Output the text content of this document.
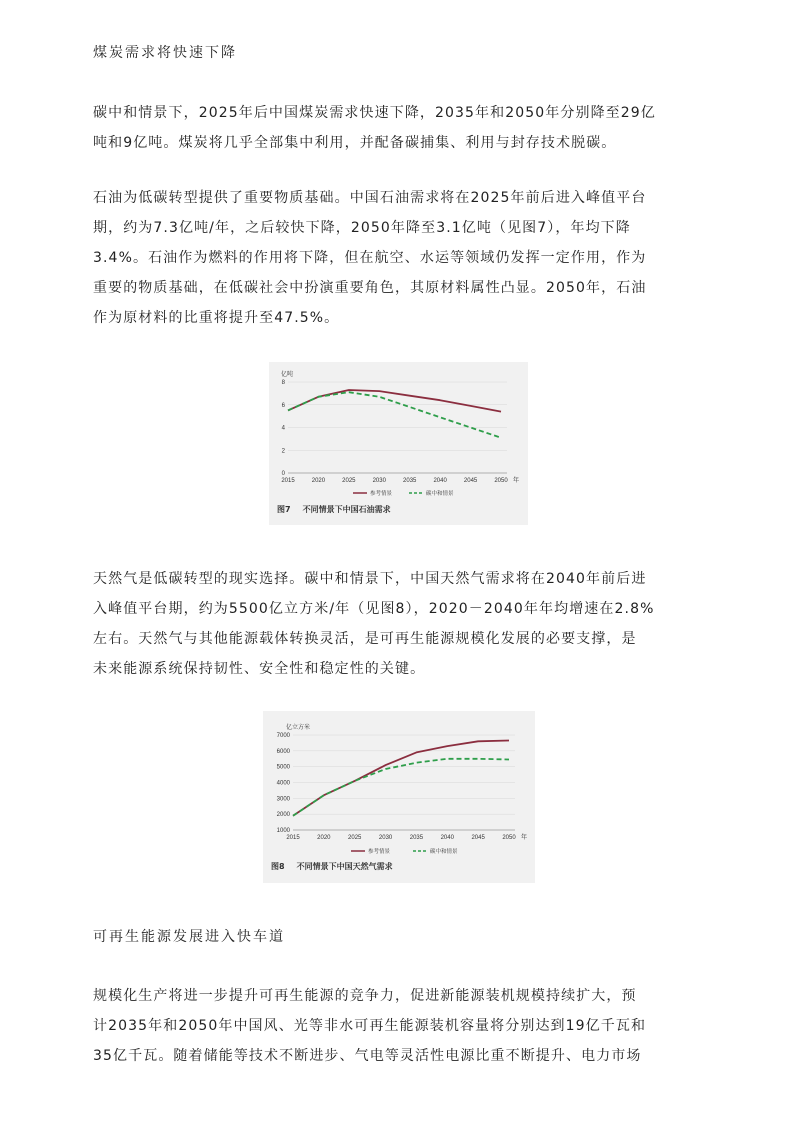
煤炭需求将快速下降
碳中和情景下，2025年后中国煤炭需求快速下降，2035年和2050年分别降至29亿
吨和9亿吨。煤炭将几乎全部集中利用，并配备碳捕集、利用与封存技术脱碳。
石油为低碳转型提供了重要物质基础。中国石油需求将在2025年前后进入峰值平台
期，约为7.3亿吨/年，之后较快下降，2050年降至3.1亿吨（见图7），年均下降
3.4%。石油作为燃料的作用将下降，但在航空、水运等领域仍发挥一定作用，作为
重要的物质基础，在低碳社会中扮演重要角色，其原材料属性凸显。2050年，石油
作为原材料的比重将提升至47.5%。
亿吨
0
2
4
6
8
2015	2020	2025	2030	2035	2040	2045	2050 年
参考情景	碳中和情景
图7 不同情景下中国石油需求
天然气是低碳转型的现实选择。碳中和情景下，中国天然气需求将在2040年前后进
入峰值平台期，约为5500亿立方米/年（见图8），2020－2040年年均增速在2.8%
左右。天然气与其他能源载体转换灵活，是可再生能源规模化发展的必要支撑，是
未来能源系统保持韧性、安全性和稳定性的关键。
亿立方米
1000
2000
3000
4000
5000
6000
7000
2015	2020	2025	2030	2035	2040	2045	2050 年
参考情景	碳中和情景
图8 不同情景下中国天然气需求
可再生能源发展进入快车道
规模化生产将进一步提升可再生能源的竞争力，促进新能源装机规模持续扩大，预
计2035年和2050年中国风、光等非水可再生能源装机容量将分别达到19亿千瓦和
35亿千瓦。随着储能等技术不断进步、气电等灵活性电源比重不断提升、电力市场
